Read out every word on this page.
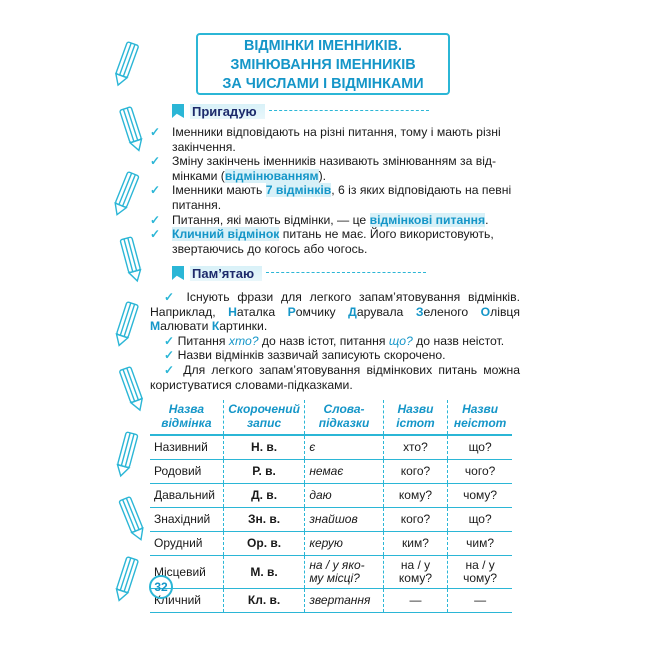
ВІДМІНКИ ІМЕННИКІВ.
ЗМІНЮВАННЯ ІМЕННИКІВ
ЗА ЧИСЛАМИ І ВІДМІНКАМИ
Пригадую
✓ Іменники відповідають на різні питання, тому і мають різні закінчення.
✓ Зміну закінчень іменників називають змінюванням за від-мінками (відмінюванням).
✓ Іменники мають 7 відмінків, 6 із яких відповідають на певні питання.
✓ Питання, які мають відмінки, — це відмінкові питання.
✓ Кличний відмінок питань не має. Його використовують, звертаючись до когось або чогось.
Пам’ятаю

✓ Існують фрази для легкого запам’ятовування відмінків. Наприклад, Наталка Ромчику Дарувала Зеленого Олівця Малювати Картинки.

✓ Питання хто? до назв істот, питання що? до назв неістот.

✓ Назви відмінків зазвичай записують скорочено.

✓ Для легкого запам’ятовування відмінкових питань можна користуватися словами-підказками.

Назва відмінка	Скорочений запис	Слова-підказки	Назви істот	Назви неістот
Називний	Н. в.	є	хто?	що?
Родовий	Р. в.	немає	кого?	чого?
Давальний	Д. в.	даю	кому?	чому?
Знахідний	Зн. в.	знайшов	кого?	що?
Орудний	Ор. в.	керую	ким?	чим?
Місцевий	М. в.	на / у яко-му місці?	на / у кому?	на / у чому?
Кличний	Кл. в.	звертання	—	—
32
